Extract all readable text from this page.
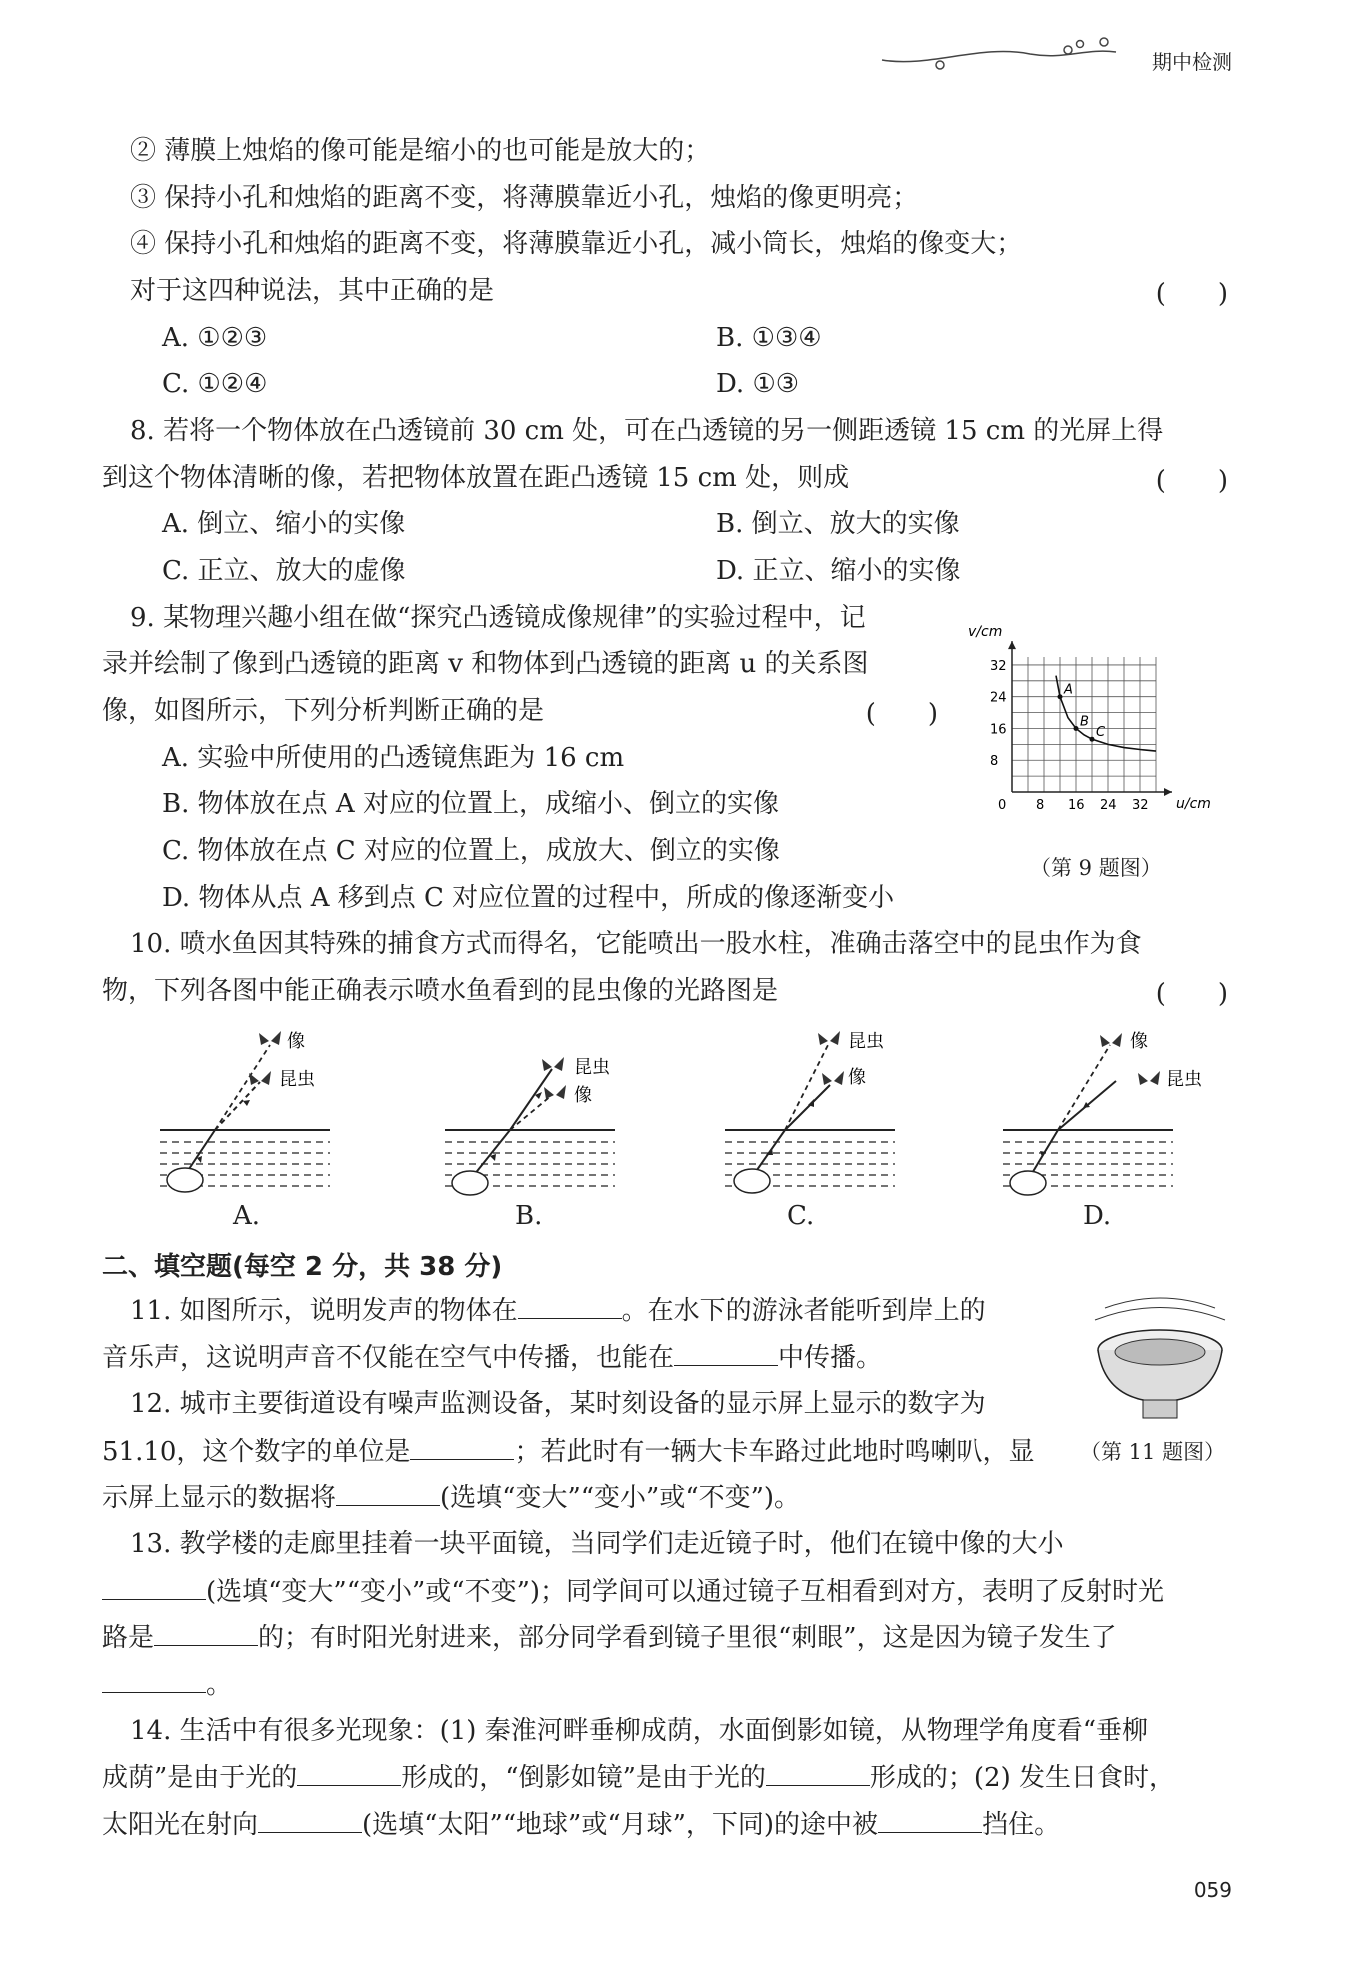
期中检测
② 薄膜上烛焰的像可能是缩小的也可能是放大的；
③ 保持小孔和烛焰的距离不变，将薄膜靠近小孔，烛焰的像更明亮；
④ 保持小孔和烛焰的距离不变，将薄膜靠近小孔，减小筒长，烛焰的像变大；
对于这四种说法，其中正确的是	(　　)
A. ①②③	B. ①③④
C. ①②④	D. ①③
8. 若将一个物体放在凸透镜前 30 cm 处，可在凸透镜的另一侧距透镜 15 cm 的光屏上得
到这个物体清晰的像，若把物体放置在距凸透镜 15 cm 处，则成	(　　)
A. 倒立、缩小的实像	B. 倒立、放大的实像
C. 正立、放大的虚像	D. 正立、缩小的实像
9. 某物理兴趣小组在做“探究凸透镜成像规律”的实验过程中，记
录并绘制了像到凸透镜的距离 v 和物体到凸透镜的距离 u 的关系图
像，如图所示，下列分析判断正确的是	(　　)
A. 实验中所使用的凸透镜焦距为 16 cm
B. 物体放在点 A 对应的位置上，成缩小、倒立的实像
C. 物体放在点 C 对应的位置上，成放大、倒立的实像
D. 物体从点 A 移到点 C 对应位置的过程中，所成的像逐渐变小
0 8 16 24 32
8
16
24
32
v/cm
u/cm
A
B
C
（第 9 题图）
10. 喷水鱼因其特殊的捕食方式而得名，它能喷出一股水柱，准确击落空中的昆虫作为食
物，下列各图中能正确表示喷水鱼看到的昆虫像的光路图是	(　　)
像
昆虫
A.
昆虫
像
B.
昆虫
像
C.
像
昆虫
D.
二、填空题(每空 2 分，共 38 分)
11. 如图所示，说明发声的物体在	。在水下的游泳者能听到岸上的
音乐声，这说明声音不仅能在空气中传播，也能在	中传播。
（第 11 题图）
12. 城市主要街道设有噪声监测设备，某时刻设备的显示屏上显示的数字为
51.10，这个数字的单位是	；若此时有一辆大卡车路过此地时鸣喇叭，显
示屏上显示的数据将	(选填“变大”“变小”或“不变”)。
13. 教学楼的走廊里挂着一块平面镜，当同学们走近镜子时，他们在镜中像的大小
(选填“变大”“变小”或“不变”)；同学间可以通过镜子互相看到对方，表明了反射时光
路是	的；有时阳光射进来，部分同学看到镜子里很“刺眼”，这是因为镜子发生了
。
14. 生活中有很多光现象：(1) 秦淮河畔垂柳成荫，水面倒影如镜，从物理学角度看“垂柳
成荫”是由于光的	形成的，“倒影如镜”是由于光的	形成的；(2) 发生日食时，
太阳光在射向	(选填“太阳”“地球”或“月球”，下同)的途中被	挡住。
059
